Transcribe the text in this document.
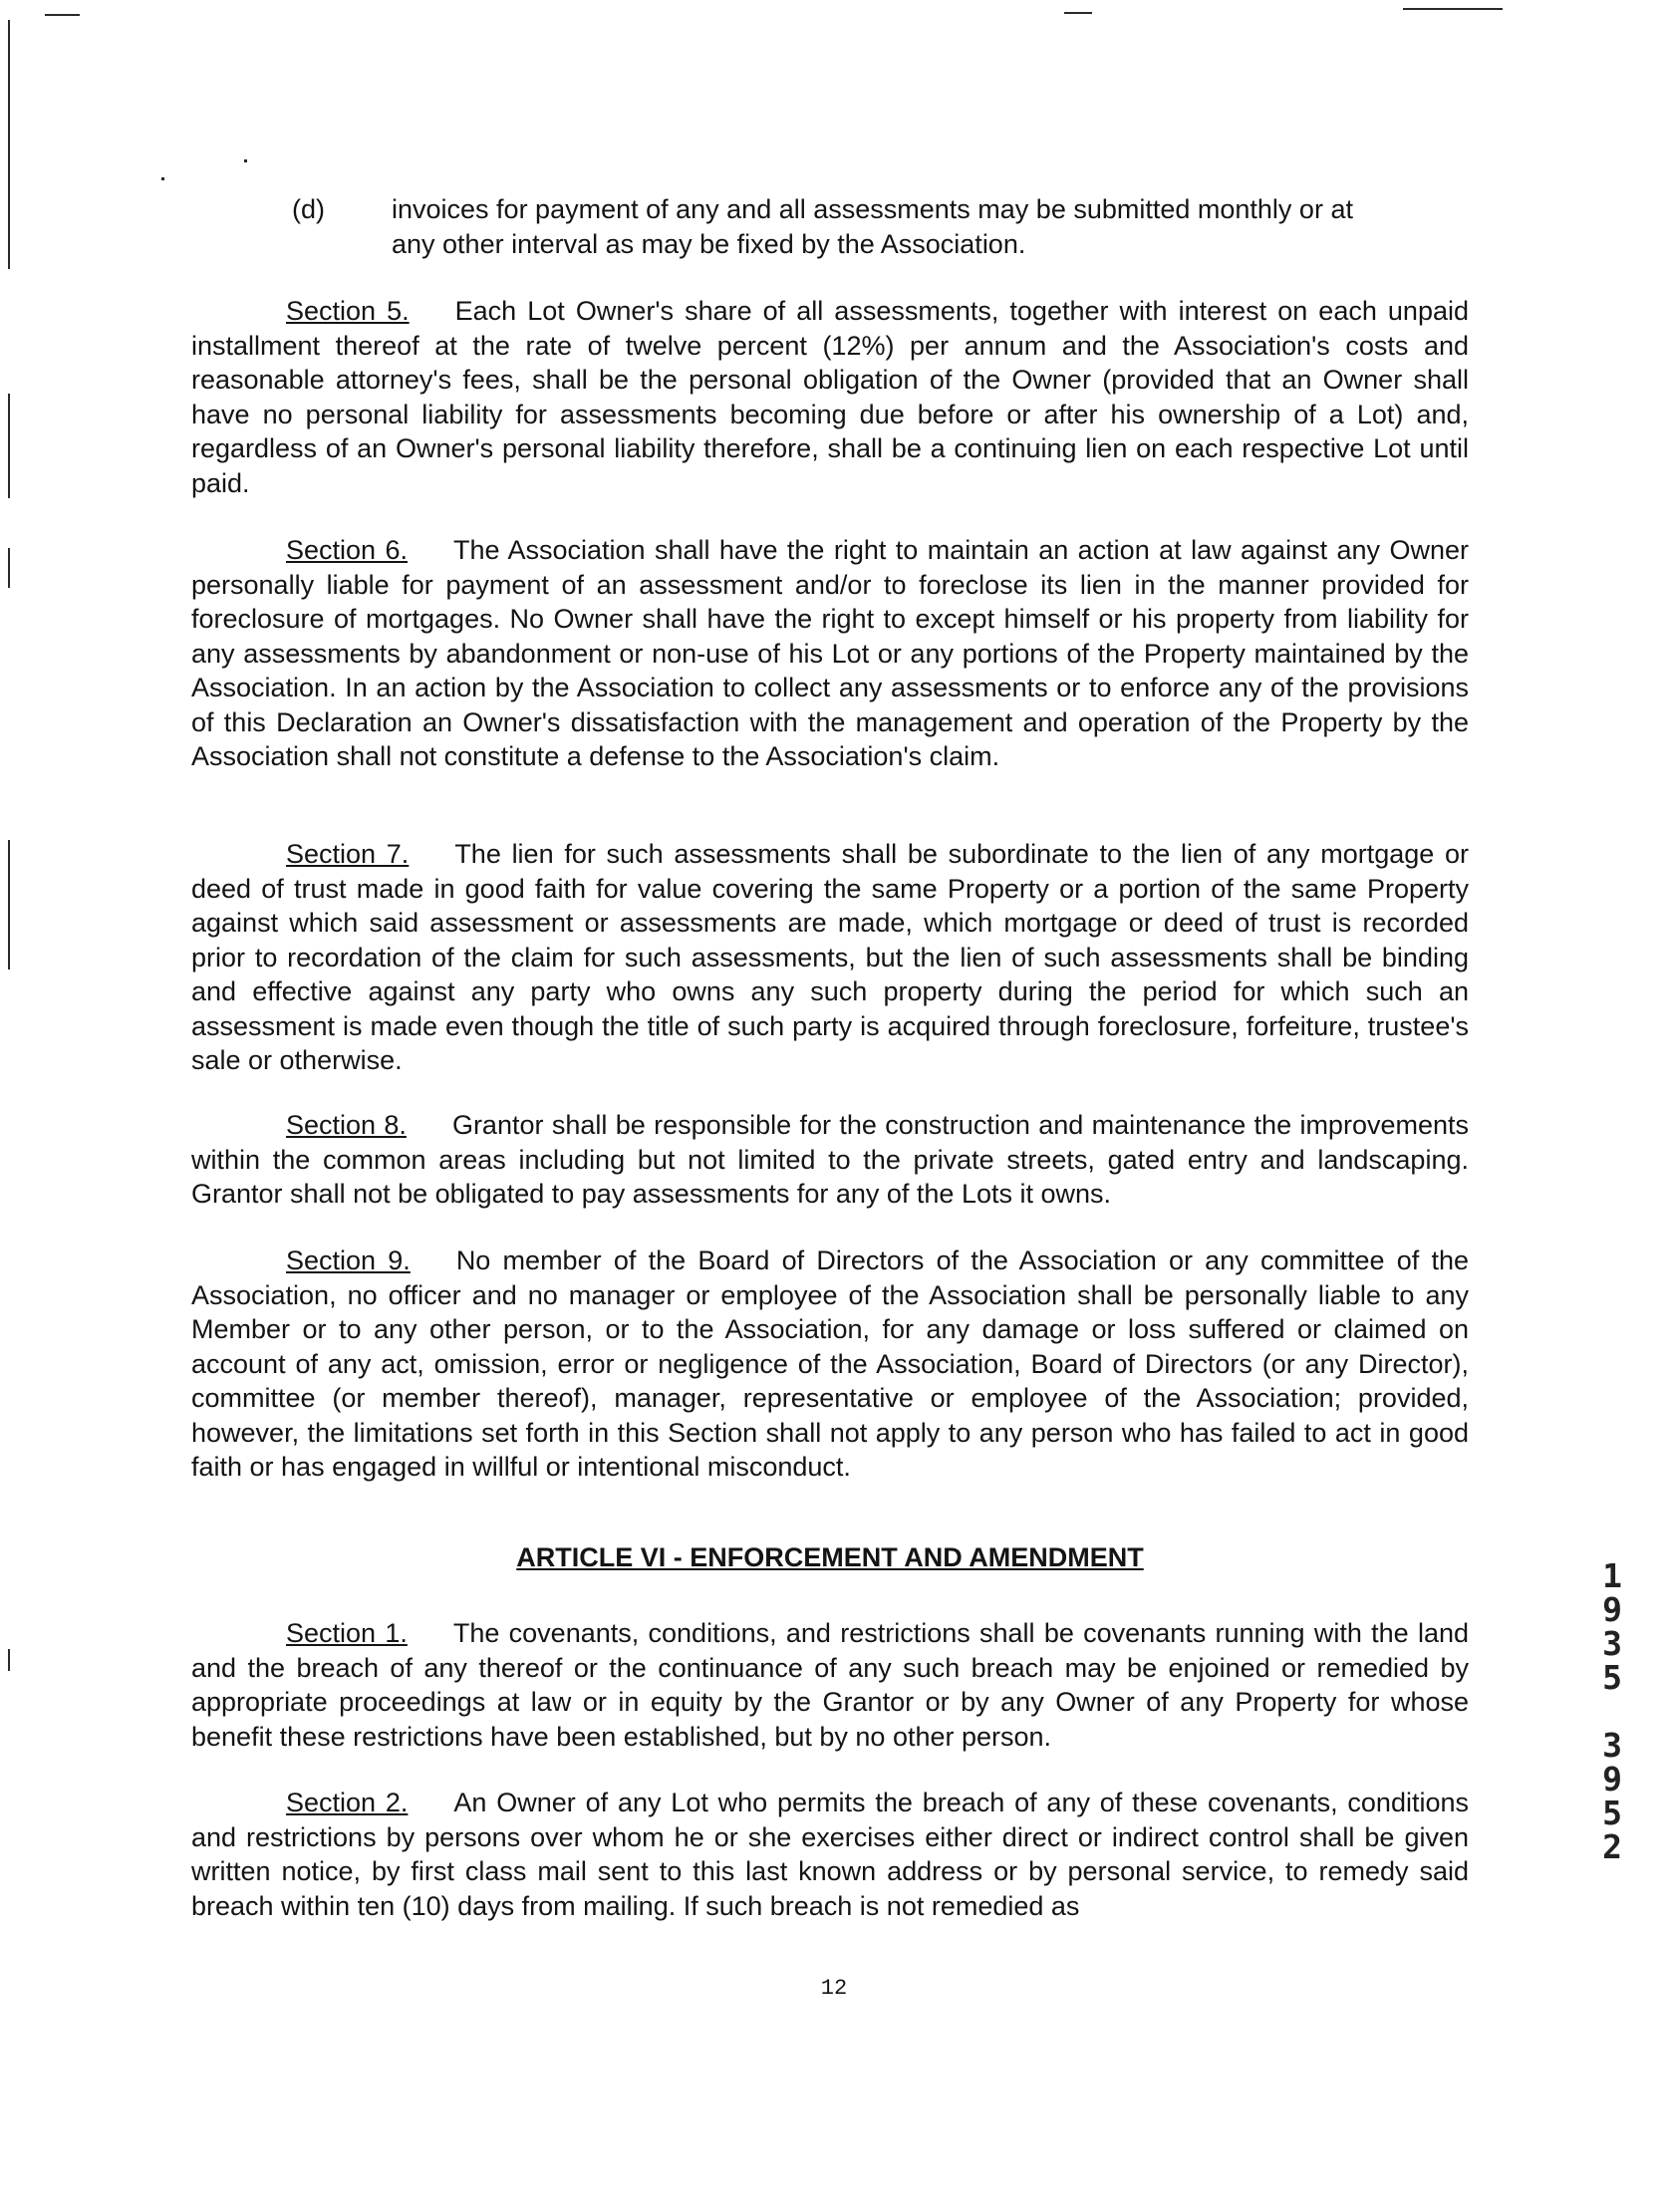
(d) invoices for payment of any and all assessments may be submitted monthly or at any other interval as may be fixed by the Association.
Section 5. Each Lot Owner's share of all assessments, together with interest on each unpaid installment thereof at the rate of twelve percent (12%) per annum and the Association's costs and reasonable attorney's fees, shall be the personal obligation of the Owner (provided that an Owner shall have no personal liability for assessments becoming due before or after his ownership of a Lot) and, regardless of an Owner's personal liability therefore, shall be a continuing lien on each respective Lot until paid.
Section 6. The Association shall have the right to maintain an action at law against any Owner personally liable for payment of an assessment and/or to foreclose its lien in the manner provided for foreclosure of mortgages. No Owner shall have the right to except himself or his property from liability for any assessments by abandonment or non-use of his Lot or any portions of the Property maintained by the Association. In an action by the Association to collect any assessments or to enforce any of the provisions of this Declaration an Owner's dissatisfaction with the management and operation of the Property by the Association shall not constitute a defense to the Association's claim.
Section 7. The lien for such assessments shall be subordinate to the lien of any mortgage or deed of trust made in good faith for value covering the same Property or a portion of the same Property against which said assessment or assessments are made, which mortgage or deed of trust is recorded prior to recordation of the claim for such assessments, but the lien of such assessments shall be binding and effective against any party who owns any such property during the period for which such an assessment is made even though the title of such party is acquired through foreclosure, forfeiture, trustee's sale or otherwise.
Section 8. Grantor shall be responsible for the construction and maintenance the improvements within the common areas including but not limited to the private streets, gated entry and landscaping. Grantor shall not be obligated to pay assessments for any of the Lots it owns.
Section 9. No member of the Board of Directors of the Association or any committee of the Association, no officer and no manager or employee of the Association shall be personally liable to any Member or to any other person, or to the Association, for any damage or loss suffered or claimed on account of any act, omission, error or negligence of the Association, Board of Directors (or any Director), committee (or member thereof), manager, representative or employee of the Association; provided, however, the limitations set forth in this Section shall not apply to any person who has failed to act in good faith or has engaged in willful or intentional misconduct.
ARTICLE VI - ENFORCEMENT AND AMENDMENT
Section 1. The covenants, conditions, and restrictions shall be covenants running with the land and the breach of any thereof or the continuance of any such breach may be enjoined or remedied by appropriate proceedings at law or in equity by the Grantor or by any Owner of any Property for whose benefit these restrictions have been established, but by no other person.
Section 2. An Owner of any Lot who permits the breach of any of these covenants, conditions and restrictions by persons over whom he or she exercises either direct or indirect control shall be given written notice, by first class mail sent to this last known address or by personal service, to remedy said breach within ten (10) days from mailing. If such breach is not remedied as
12
1
9
3
5
3
9
5
2
